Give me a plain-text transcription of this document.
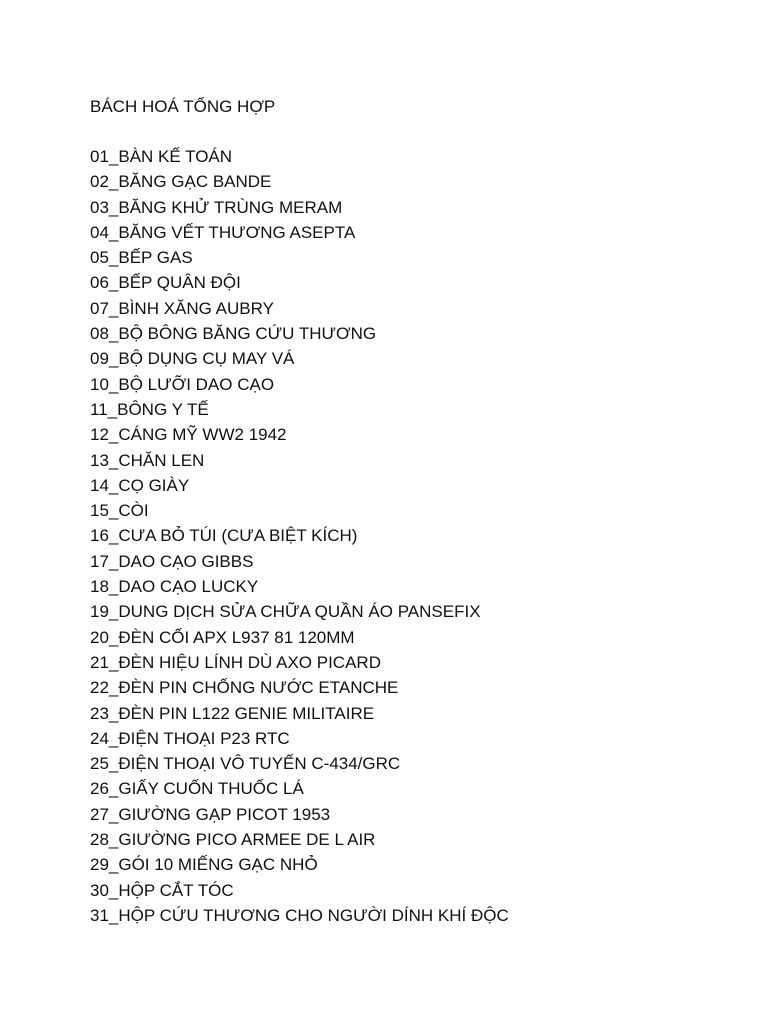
BÁCH HOÁ TỔNG HỢP
01_BÀN KẾ TOÁN
02_BĂNG GẠC BANDE
03_BĂNG KHỬ TRÙNG MERAM
04_BĂNG VẾT THƯƠNG ASEPTA
05_BẾP GAS
06_BẾP QUÂN ĐỘI
07_BÌNH XĂNG AUBRY
08_BỘ BÔNG BĂNG CỨU THƯƠNG
09_BỘ DỤNG CỤ MAY VÁ
10_BỘ LƯỠI DAO CẠO
11_BÔNG Y TẾ
12_CÁNG MỸ WW2 1942
13_CHĂN LEN
14_CỌ GIÀY
15_CÒI
16_CƯA BỎ TÚI (CƯA BIỆT KÍCH)
17_DAO CẠO GIBBS
18_DAO CẠO LUCKY
19_DUNG DỊCH SỬA CHỮA QUẦN ÁO PANSEFIX
20_ĐÈN CỐI APX L937 81 120MM
21_ĐÈN HIỆU LÍNH DÙ AXO PICARD
22_ĐÈN PIN CHỐNG NƯỚC ETANCHE
23_ĐÈN PIN L122 GENIE MILITAIRE
24_ĐIỆN THOẠI P23 RTC
25_ĐIỆN THOẠI VÔ TUYẾN C-434/GRC
26_GIẤY CUỐN THUỐC LÁ
27_GIƯỜNG GẠP PICOT 1953
28_GIƯỜNG PICO ARMEE DE L AIR
29_GÓI 10 MIẾNG GẠC NHỎ
30_HỘP CẮT TÓC
31_HỘP CỨU THƯƠNG CHO NGƯỜI DÍNH KHÍ ĐỘC
